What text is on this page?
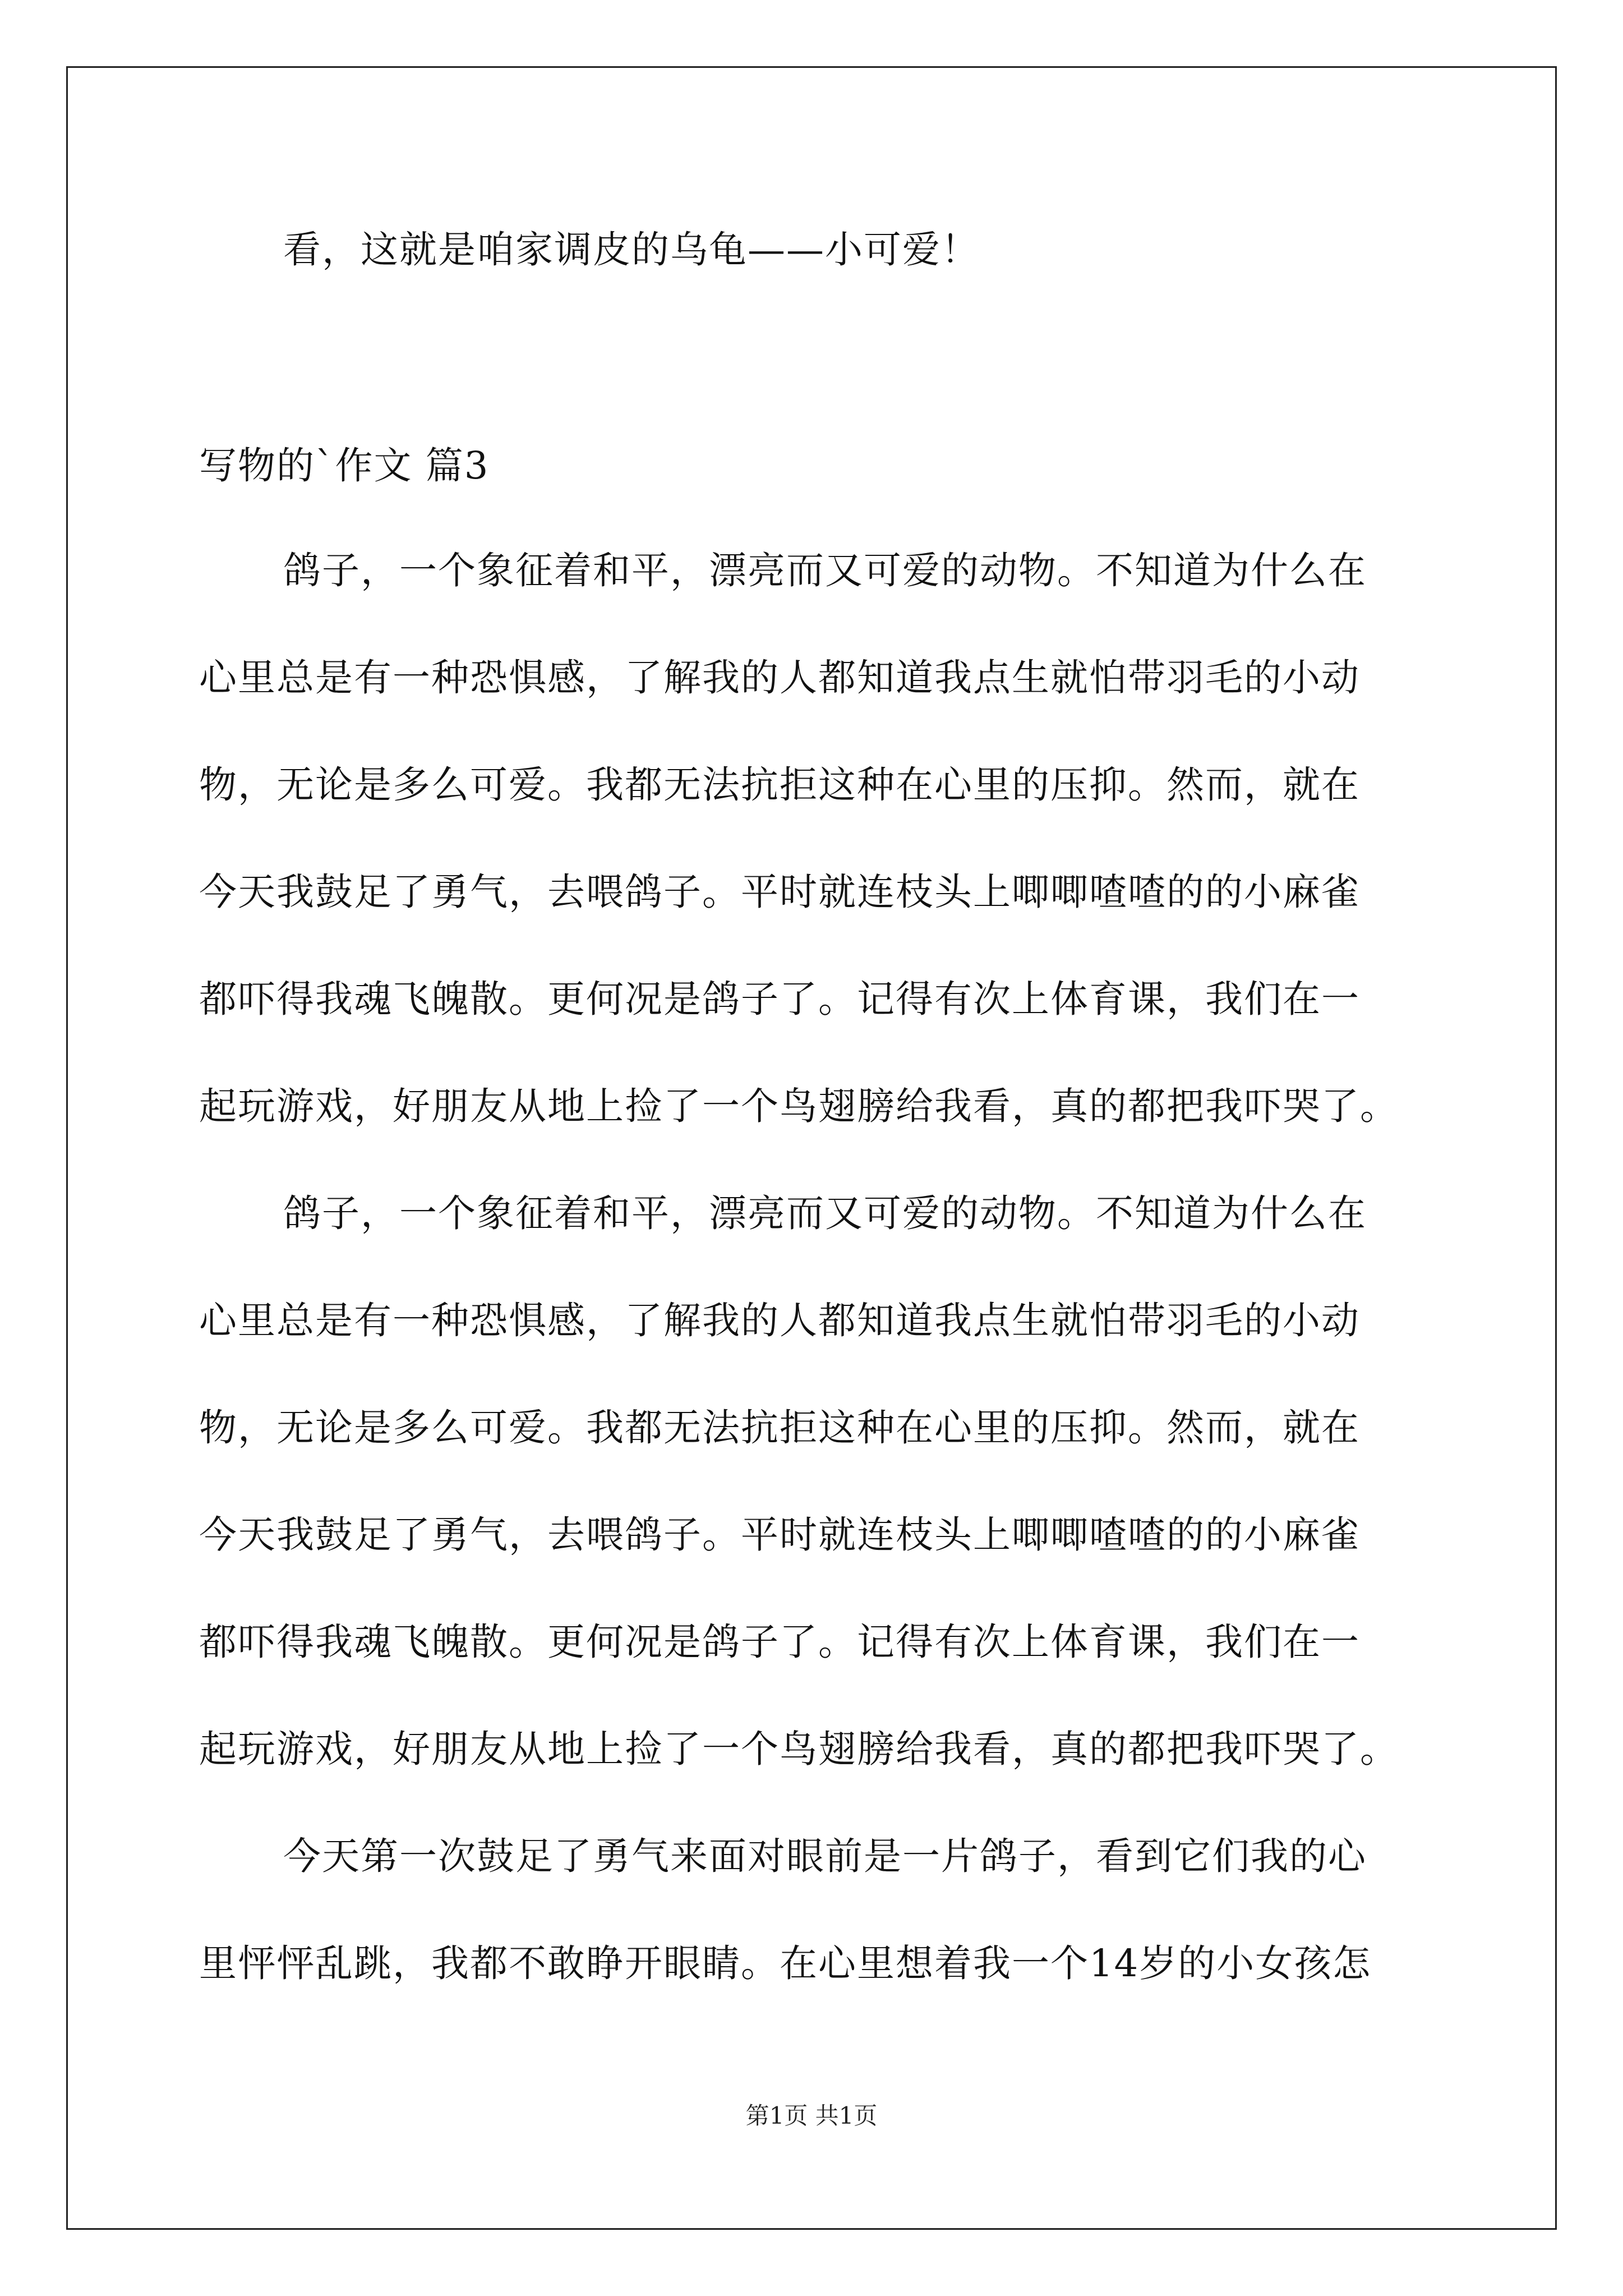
看，这就是咱家调皮的乌龟——小可爱！
写物的`作文 篇3
鸽子，一个象征着和平，漂亮而又可爱的动物。不知道为什么在
心里总是有一种恐惧感，了解我的人都知道我点生就怕带羽毛的小动
物，无论是多么可爱。我都无法抗拒这种在心里的压抑。然而，就在
今天我鼓足了勇气，去喂鸽子。平时就连枝头上唧唧喳喳的的小麻雀
都吓得我魂飞魄散。更何况是鸽子了。记得有次上体育课，我们在一
起玩游戏，好朋友从地上捡了一个鸟翅膀给我看，真的都把我吓哭了。
鸽子，一个象征着和平，漂亮而又可爱的动物。不知道为什么在
心里总是有一种恐惧感，了解我的人都知道我点生就怕带羽毛的小动
物，无论是多么可爱。我都无法抗拒这种在心里的压抑。然而，就在
今天我鼓足了勇气，去喂鸽子。平时就连枝头上唧唧喳喳的的小麻雀
都吓得我魂飞魄散。更何况是鸽子了。记得有次上体育课，我们在一
起玩游戏，好朋友从地上捡了一个鸟翅膀给我看，真的都把我吓哭了。
今天第一次鼓足了勇气来面对眼前是一片鸽子，看到它们我的心
里怦怦乱跳，我都不敢睁开眼睛。在心里想着我一个14岁的小女孩怎
第1页 共1页
